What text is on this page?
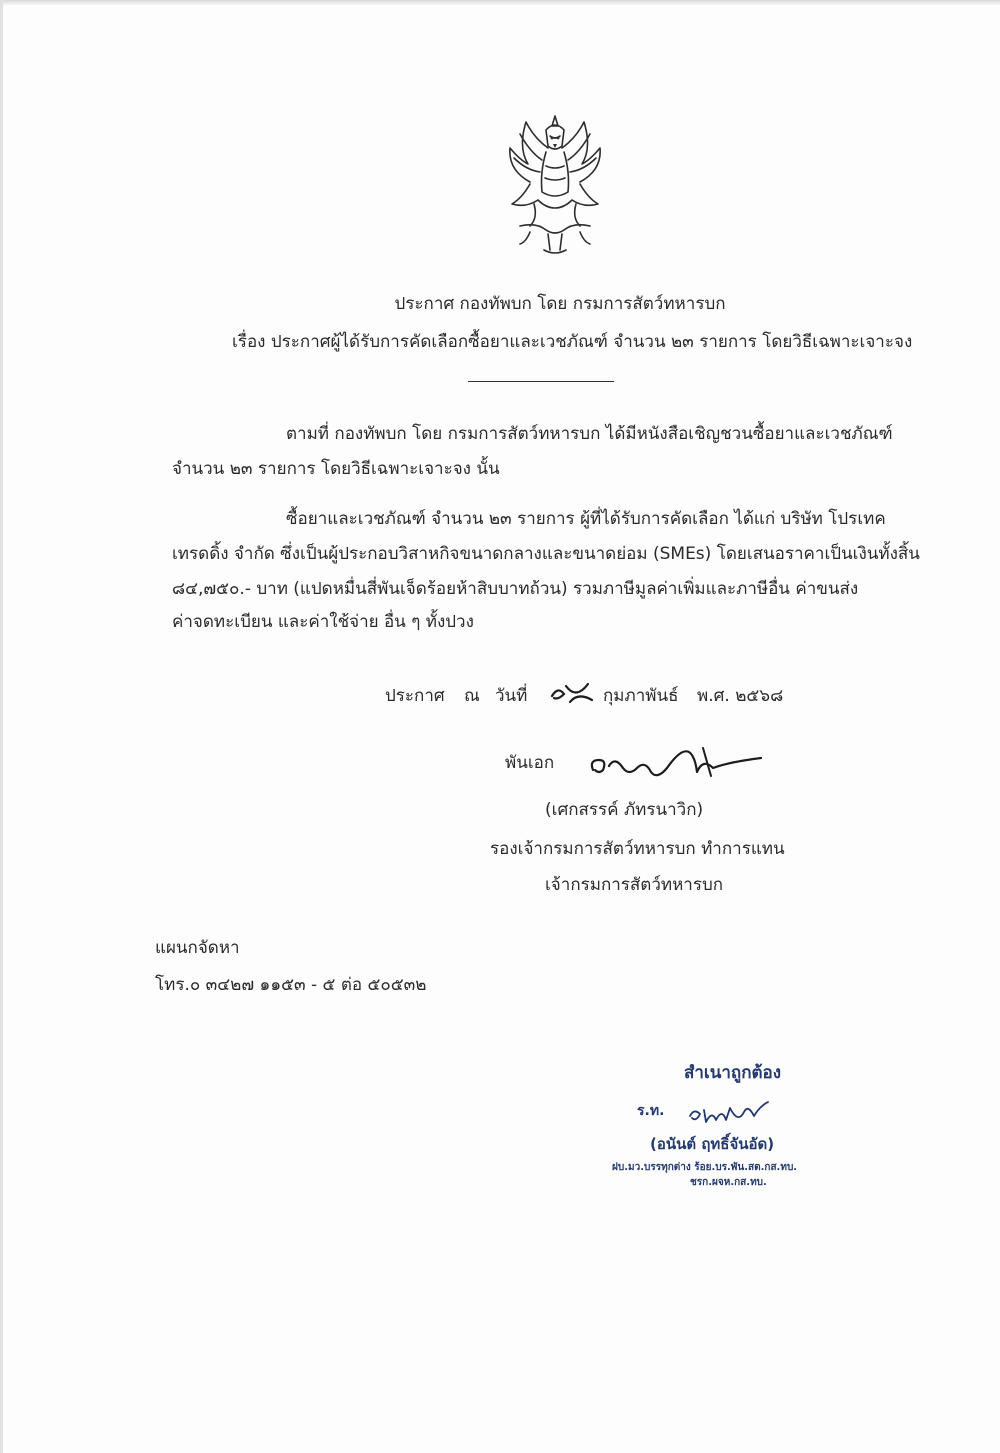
ประกาศ กองทัพบก โดย กรมการสัตว์ทหารบก
เรื่อง ประกาศผู้ได้รับการคัดเลือกซื้อยาและเวชภัณฑ์ จำนวน ๒๓ รายการ โดยวิธีเฉพาะเจาะจง
ตามที่ กองทัพบก โดย กรมการสัตว์ทหารบก ได้มีหนังสือเชิญชวนซื้อยาและเวชภัณฑ์
จำนวน ๒๓ รายการ โดยวิธีเฉพาะเจาะจง นั้น
ซื้อยาและเวชภัณฑ์ จำนวน ๒๓ รายการ ผู้ที่ได้รับการคัดเลือก ได้แก่ บริษัท โปรเทค
เทรดดิ้ง จำกัด ซึ่งเป็นผู้ประกอบวิสาหกิจขนาดกลางและขนาดย่อม (SMEs) โดยเสนอราคาเป็นเงินทั้งสิ้น
๘๔,๗๕๐.- บาท (แปดหมื่นสี่พันเจ็ดร้อยห้าสิบบาทถ้วน) รวมภาษีมูลค่าเพิ่มและภาษีอื่น ค่าขนส่ง
ค่าจดทะเบียน และค่าใช้จ่าย อื่น ๆ ทั้งปวง
ประกาศ ณ วันที่	กุมภาพันธ์ พ.ศ. ๒๕๖๘
พันเอก
(เศกสรรค์ ภัทรนาวิก)
รองเจ้ากรมการสัตว์ทหารบก ทำการแทน
เจ้ากรมการสัตว์ทหารบก
แผนกจัดหา
โทร.๐ ๓๔๒๗ ๑๑๕๓ - ๕ ต่อ ๕๐๕๓๒
สำเนาถูกต้อง
ร.ท.
(อนันต์ ฤทธิ์จันอัด)
ฝบ.มว.บรรทุกต่าง ร้อย.บร.พัน.สต.กส.ทบ.
ชรก.ผจห.กส.ทบ.
